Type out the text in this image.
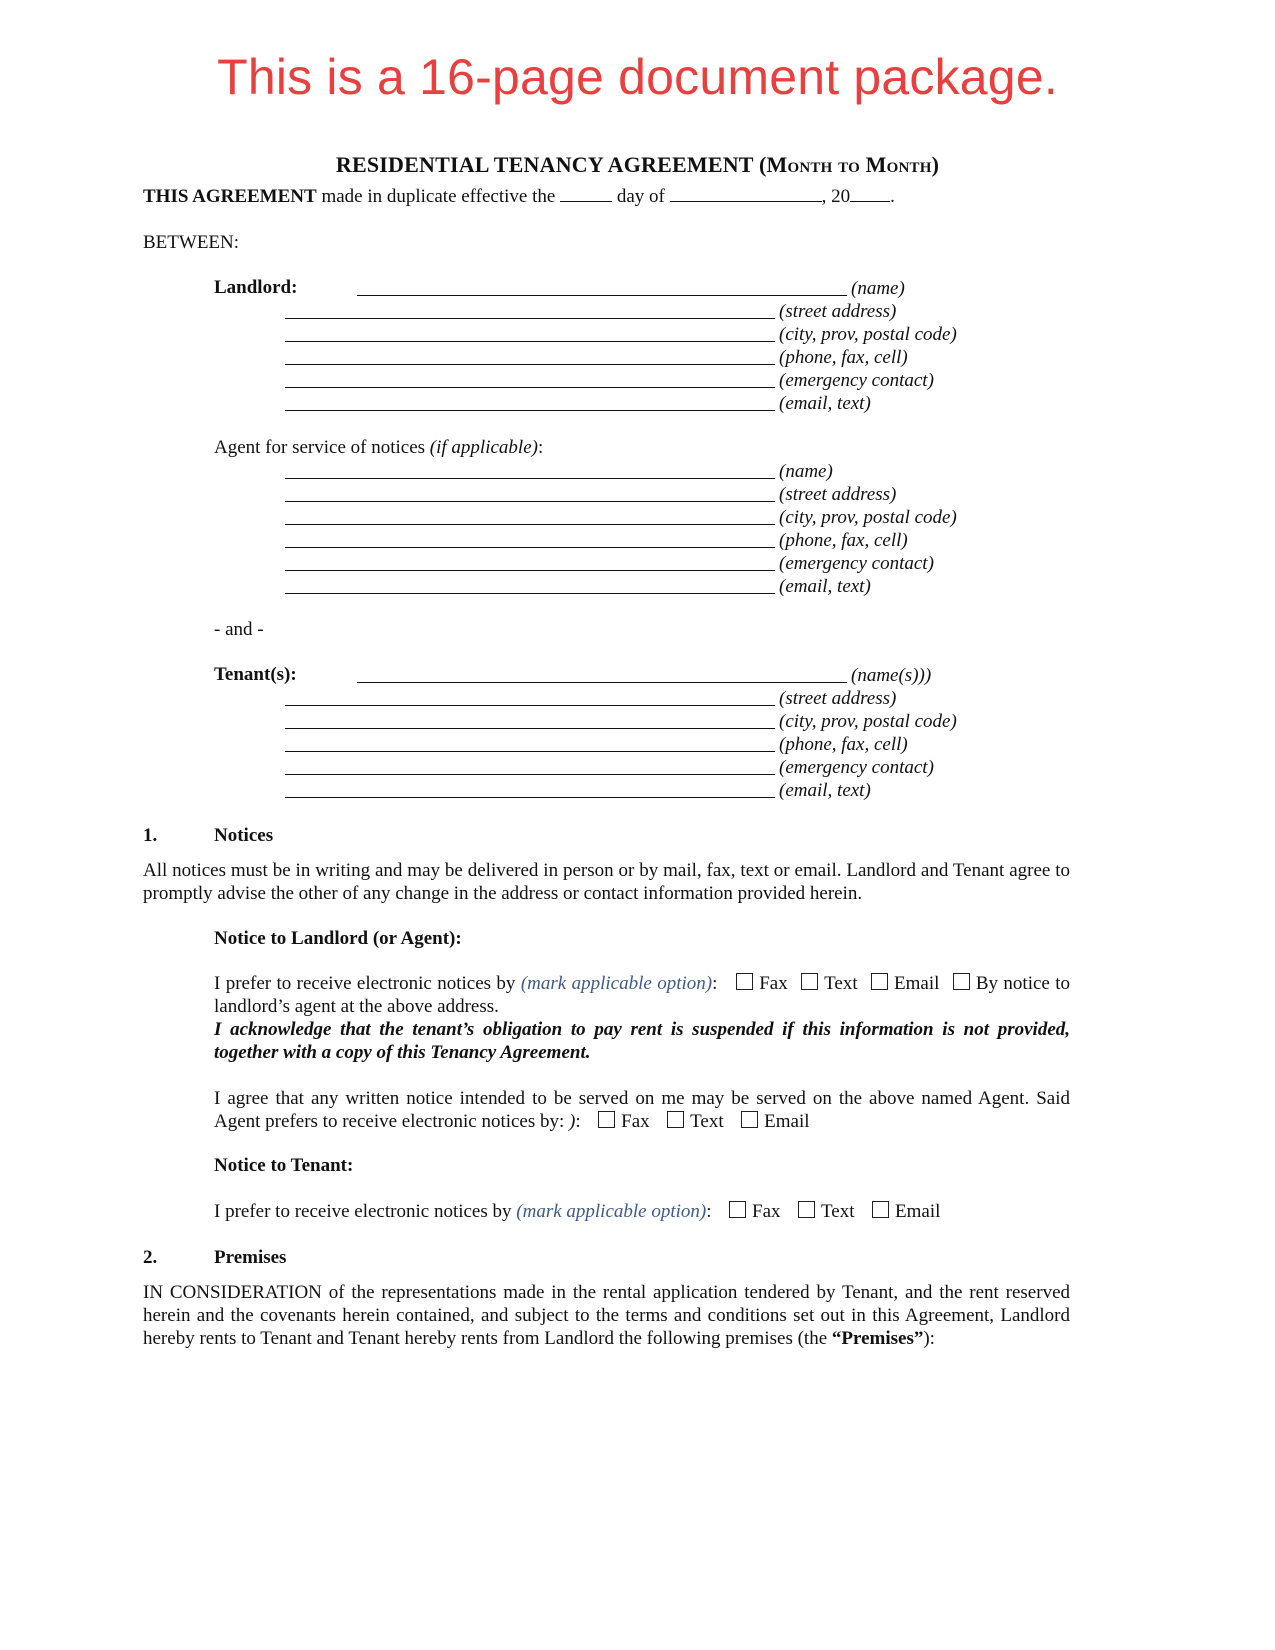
This is a 16-page document package.
RESIDENTIAL TENANCY AGREEMENT (Month to Month)
THIS AGREEMENT made in duplicate effective the	day of	, 20 .
BETWEEN:
Landlord:	(name)
(street address)
(city, prov, postal code)
(phone, fax, cell)
(emergency contact)
(email, text)
Agent for service of notices (if applicable):
(name)
(street address)
(city, prov, postal code)
(phone, fax, cell)
(emergency contact)
(email, text)
- and -
Tenant(s):	(name(s)))
(street address)
(city, prov, postal code)
(phone, fax, cell)
(emergency contact)
(email, text)
1.	Notices
All notices must be in writing and may be delivered in person or by mail, fax, text or email. Landlord and Tenant agree to promptly advise the other of any change in the address or contact information provided herein.
Notice to Landlord (or Agent):
I prefer to receive electronic notices by (mark applicable option): Fax Text Email By notice to landlord’s agent at the above address.
I acknowledge that the tenant’s obligation to pay rent is suspended if this information is not provided, together with a copy of this Tenancy Agreement.
I agree that any written notice intended to be served on me may be served on the above named Agent. Said Agent prefers to receive electronic notices by: ): Fax Text Email
Notice to Tenant:
I prefer to receive electronic notices by (mark applicable option): Fax Text Email
2.	Premises
IN CONSIDERATION of the representations made in the rental application tendered by Tenant, and the rent reserved herein and the covenants herein contained, and subject to the terms and conditions set out in this Agreement, Landlord hereby rents to Tenant and Tenant hereby rents from Landlord the following premises (the “Premises”):
